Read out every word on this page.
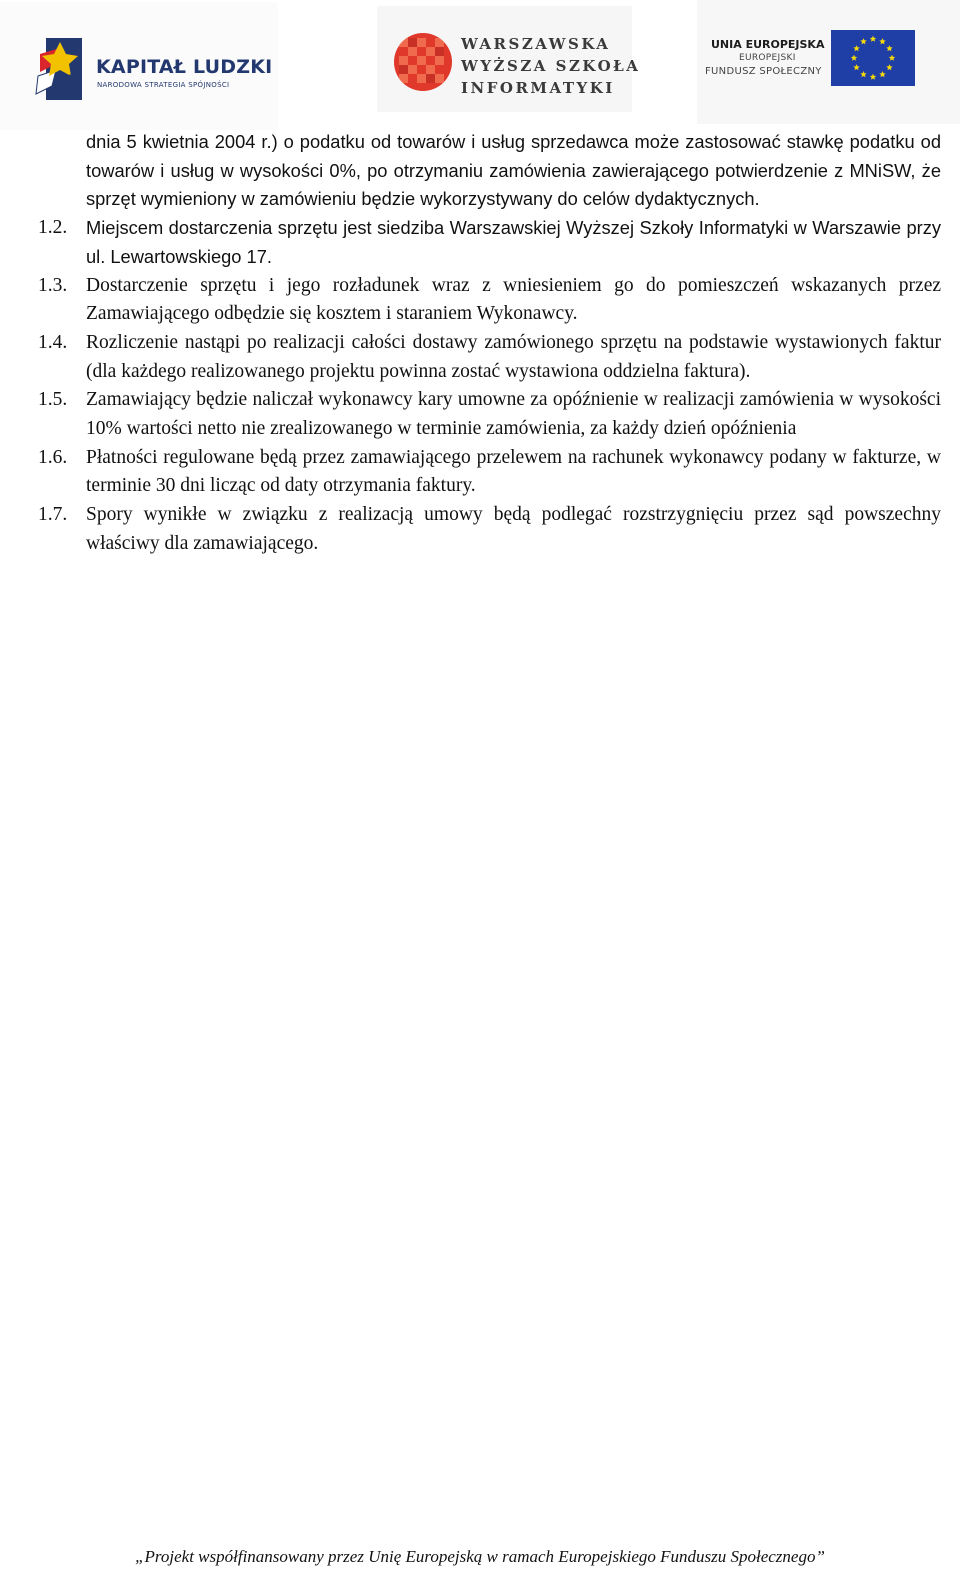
KAPITAŁ LUDZKI
NARODOWA STRATEGIA SPÓJNOŚCI
WARSZAWSKA
WYŻSZA SZKOŁA
INFORMATYKI
UNIA EUROPEJSKA
EUROPEJSKI
FUNDUSZ SPOŁECZNY

dnia 5 kwietnia 2004 r.) o podatku od towarów i usług sprzedawca może zastosować stawkę podatku od towarów i usług w wysokości 0%, po otrzymaniu zamówienia zawierającego potwierdzenie z MNiSW, że sprzęt wymieniony w zamówieniu będzie wykorzystywany do celów dydaktycznych.

1.2.	Miejscem dostarczenia sprzętu jest siedziba Warszawskiej Wyższej Szkoły Informatyki w Warszawie przy ul. Lewartowskiego 17.

1.3. Dostarczenie sprzętu i jego rozładunek wraz z wniesieniem go do pomieszczeń wskazanych przez Zamawiającego odbędzie się kosztem i staraniem Wykonawcy.

1.4. Rozliczenie nastąpi po realizacji całości dostawy zamówionego sprzętu na podstawie wystawionych faktur (dla każdego realizowanego projektu powinna zostać wystawiona oddzielna faktura).

1.5. Zamawiający będzie naliczał wykonawcy kary umowne za opóźnienie w realizacji zamówienia w wysokości 10% wartości netto nie zrealizowanego w terminie zamówienia, za każdy dzień opóźnienia

1.6. Płatności regulowane będą przez zamawiającego przelewem na rachunek wykonawcy podany w fakturze, w terminie 30 dni licząc od daty otrzymania faktury.

1.7. Spory wynikłe w związku z realizacją umowy będą podlegać rozstrzygnięciu przez sąd powszechny właściwy dla zamawiającego.

„Projekt współfinansowany przez Unię Europejską w ramach Europejskiego Funduszu Społecznego”
